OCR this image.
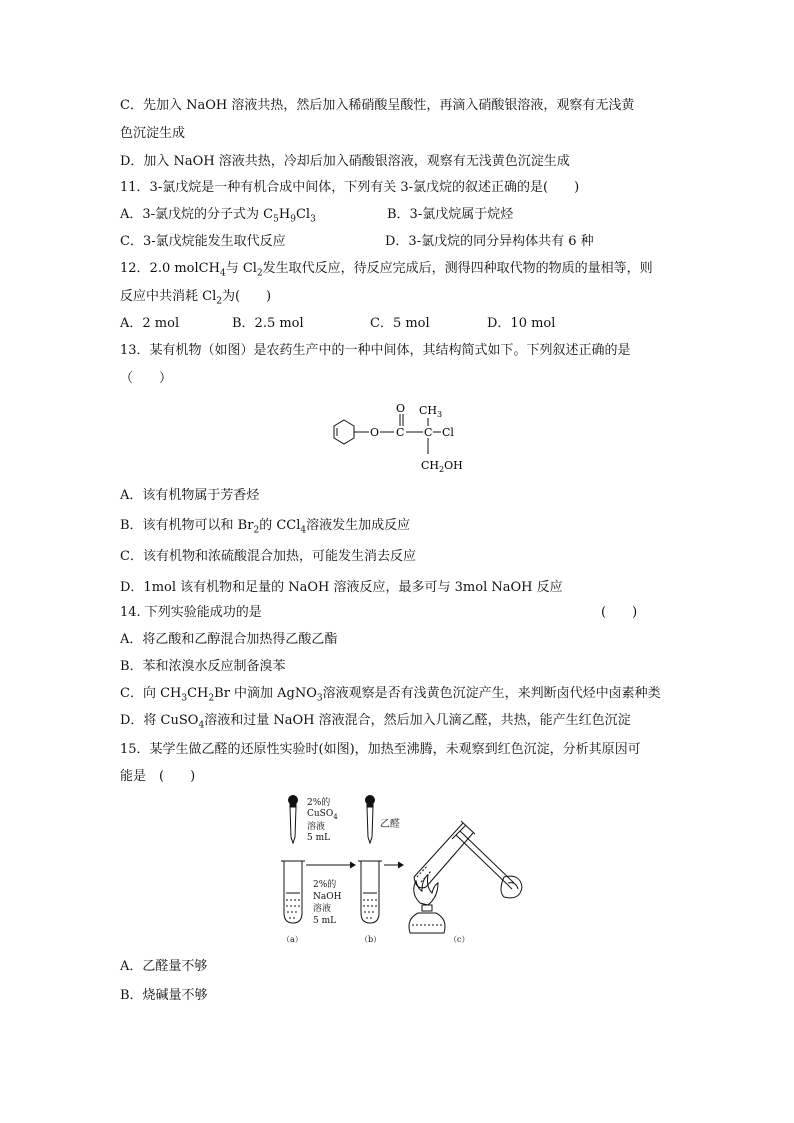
C．先加入 NaOH 溶液共热，然后加入稀硝酸呈酸性，再滴入硝酸银溶液，观察有无浅黄
色沉淀生成
D．加入 NaOH 溶液共热，冷却后加入硝酸银溶液，观察有无浅黄色沉淀生成
11．3-氯戊烷是一种有机合成中间体，下列有关 3-氯戊烷的叙述正确的是(　　)
A．3-氯戊烷的分子式为 $C_5H_9Cl_3$	B．3-氯戊烷属于烷烃
C．3-氯戊烷能发生取代反应	D．3-氯戊烷的同分异构体共有 6 种
12．2.0 molCH$_4$与 $Cl_2$发生取代反应，待反应完成后，测得四种取代物的物质的量相等，则
反应中共消耗 $Cl_2$为(　　)
A．2 mol	B．2.5 mol	C．5 mol	D．10 mol
13．某有机物（如图）是农药生产中的一种中间体，其结构简式如下。下列叙述正确的是
（　　）
O $CH_3$
O C C Cl
$CH_2OH$
A．该有机物属于芳香烃
B．该有机物可以和 $Br_2$的 CCl$_4$溶液发生加成反应
C．该有机物和浓硫酸混合加热，可能发生消去反应
D．1mol 该有机物和足量的 NaOH 溶液反应，最多可与 3mol NaOH 反应
14. 下列实验能成功的是	(　　)
A．将乙酸和乙醇混合加热得乙酸乙酯
B．苯和浓溴水反应制备溴苯
C．向 $CH_3CH_2Br$ 中滴加 AgNO$_3$溶液观察是否有浅黄色沉淀产生，来判断卤代烃中卤素种类
D．将 CuSO$_4$溶液和过量 NaOH 溶液混合，然后加入几滴乙醛，共热，能产生红色沉淀
15．某学生做乙醛的还原性实验时(如图)，加热至沸腾，未观察到红色沉淀，分析其原因可
能是　(　　)
2%的
CuSO$_4$
溶液
5 mL
乙醛
2%的
NaOH
溶液
5 mL
（a）	（b）	（c）
A．乙醛量不够
B．烧碱量不够
